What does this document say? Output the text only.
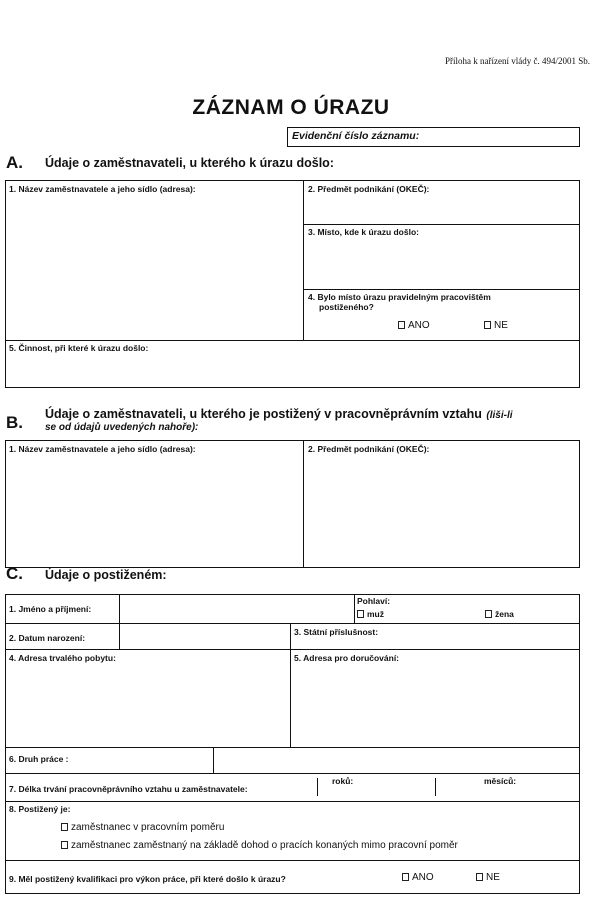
Příloha k nařízení vlády č. 494/2001 Sb.
ZÁZNAM O ÚRAZU
Evidenční číslo záznamu:
A. Údaje o zaměstnavateli, u kterého k úrazu došlo:
1. Název zaměstnavatele a jeho sídlo (adresa):	2. Předmět podnikání (OKEČ):
3. Místo, kde k úrazu došlo:
4. Bylo místo úrazu pravidelným pracovištěm
postiženého?
ANO	NE
5. Činnost, při které k úrazu došlo:
B. Údaje o zaměstnavateli, u kterého je postižený v pracovněprávním vztahu (liši-li
se od údajů uvedených nahoře):
1. Název zaměstnavatele a jeho sídlo (adresa):	2. Předmět podnikání (OKEČ):
C. Údaje o postiženém:
1. Jméno a příjmení:
Pohlaví:
muž	žena
2. Datum narození:
3. Státní příslušnost:
4. Adresa trvalého pobytu:	5. Adresa pro doručování:
6. Druh práce :
7. Délka trvání pracovněprávního vztahu u zaměstnavatele:
roků:	měsíců:
8. Postižený je:
zaměstnanec v pracovním poměru
zaměstnanec zaměstnaný na základě dohod o pracích konaných mimo pracovní poměr
9. Měl postižený kvalifikaci pro výkon práce, při které došlo k úrazu?	ANO	NE
